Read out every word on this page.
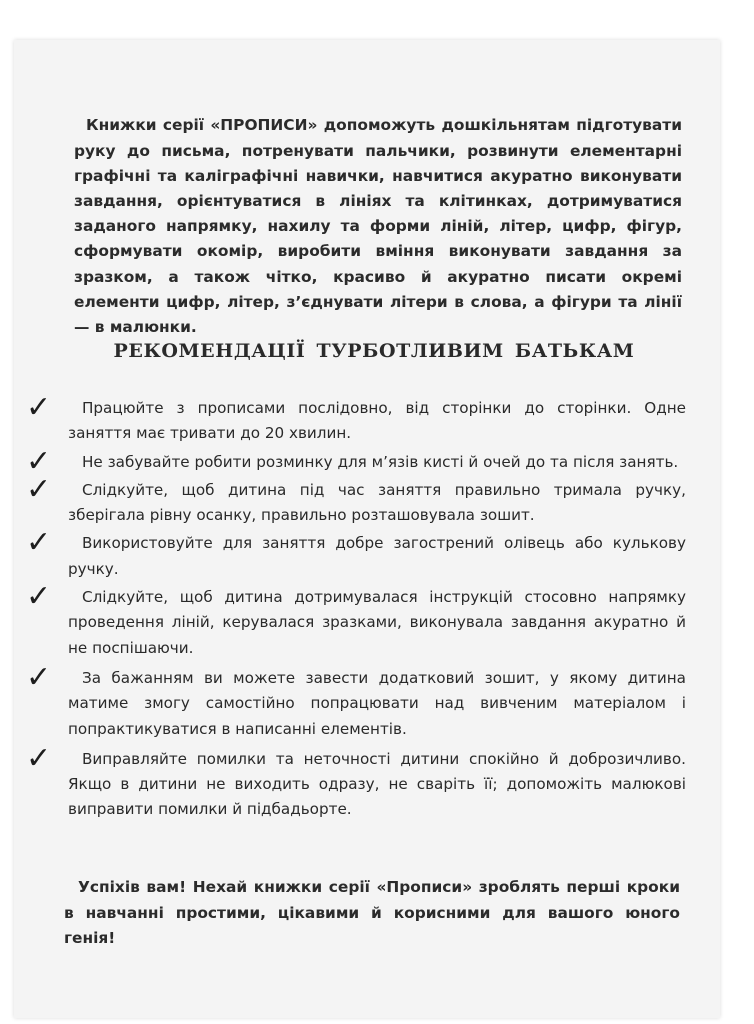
Книжки серії «ПРОПИСИ» допоможуть дошкільнятам підготувати руку до письма, потренувати пальчики, розвинути елементарні графічні та каліграфічні навички, навчитися акуратно виконувати завдання, орієнтуватися в лініях та клітинках, дотримуватися заданого напрямку, нахилу та форми ліній, літер, цифр, фігур, сформувати окомір, виробити вміння виконувати завдання за зразком, а також чітко, красиво й акуратно писати окремі елементи цифр, літер, з’єднувати літери в слова, а фігури та лінії — в малюнки.

РЕКОМЕНДАЦІЇ ТУРБОТЛИВИМ БАТЬКАМ
✓ Працюйте з прописами послідовно, від сторінки до сторінки. Одне заняття має тривати до 20 хвилин.
✓ Не забувайте робити розминку для м’язів кисті й очей до та після занять.
✓ Слідкуйте, щоб дитина під час заняття правильно тримала ручку, зберігала рівну осанку, правильно розташовувала зошит.
✓ Використовуйте для заняття добре загострений олівець або кулькову ручку.
✓ Слідкуйте, щоб дитина дотримувалася інструкцій стосовно напрямку проведення ліній, керувалася зразками, виконувала завдання акуратно й не поспішаючи.
✓ За бажанням ви можете завести додатковий зошит, у якому дитина матиме змогу самостійно попрацювати над вивченим матеріалом і попрактикуватися в написанні елементів.
✓ Виправляйте помилки та неточності дитини спокійно й доброзичливо. Якщо в дитини не виходить одразу, не сваріть її; допоможіть малюкові виправити помилки й підбадьорте.

Успіхів вам! Нехай книжки серії «Прописи» зроблять перші кроки в навчанні простими, цікавими й корисними для вашого юного генія!
